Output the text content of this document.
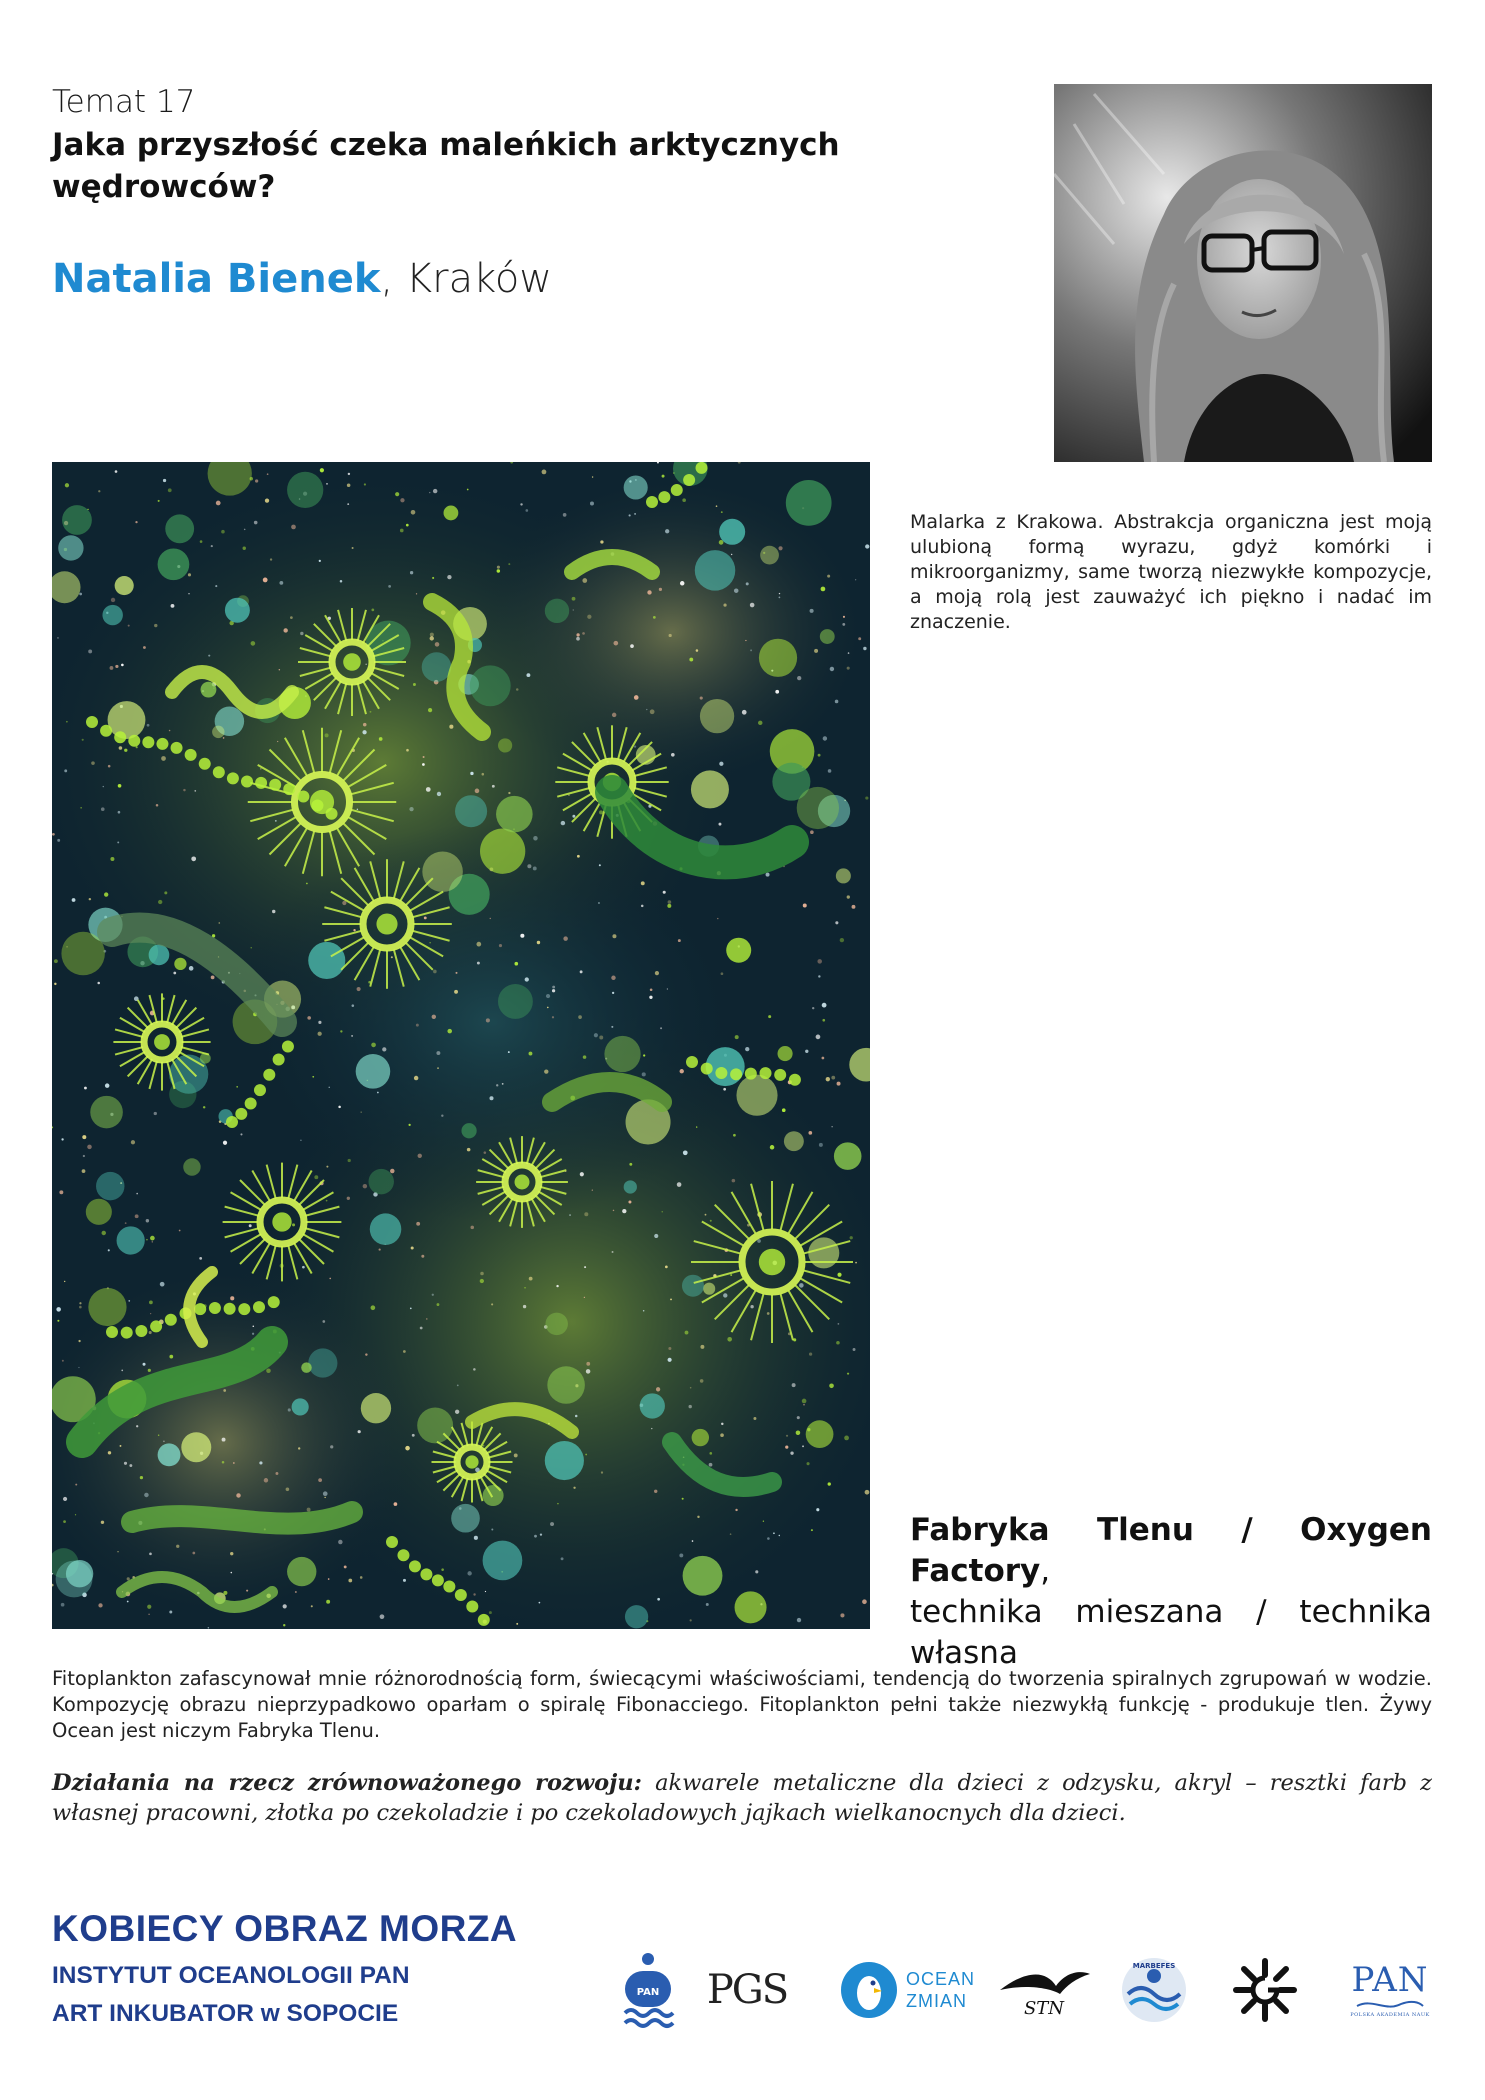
Temat 17
Jaka przyszłość czeka maleńkich arktycznych wędrowców?
Natalia Bienek, Kraków
Malarka z Krakowa. Abstrakcja organiczna jest moją ulubioną formą wyrazu, gdyż komórki i mikroorganizmy, same tworzą niezwykłe kompozycje, a moją rolą jest zauważyć ich piękno i nadać im znaczenie.
Fabryka Tlenu / Oxygen Factory,
technika mieszana / technika własna
Fitoplankton zafascynował mnie różnorodnością form, świecącymi właściwościami, tendencją do tworzenia spiralnych zgrupowań w wodzie. Kompozycję obrazu nieprzypadkowo oparłam o spiralę Fibonacciego. Fitoplankton pełni także niezwykłą funkcję - produkuje tlen. Żywy Ocean jest niczym Fabryka Tlenu.
Działania na rzecz zrównoważonego rozwoju: akwarele metaliczne dla dzieci z odzysku, akryl – resztki farb z własnej pracowni, złotka po czekoladzie i po czekoladowych jajkach wielkanocnych dla dzieci.
KOBIECY OBRAZ MORZA
INSTYTUT OCEANOLOGII PAN
ART INKUBATOR w SOPOCIE
PAN PGS	OCEAN
ZMIAN	STN
MARBEFES	PAN
POLSKA AKADEMIA NAUK
